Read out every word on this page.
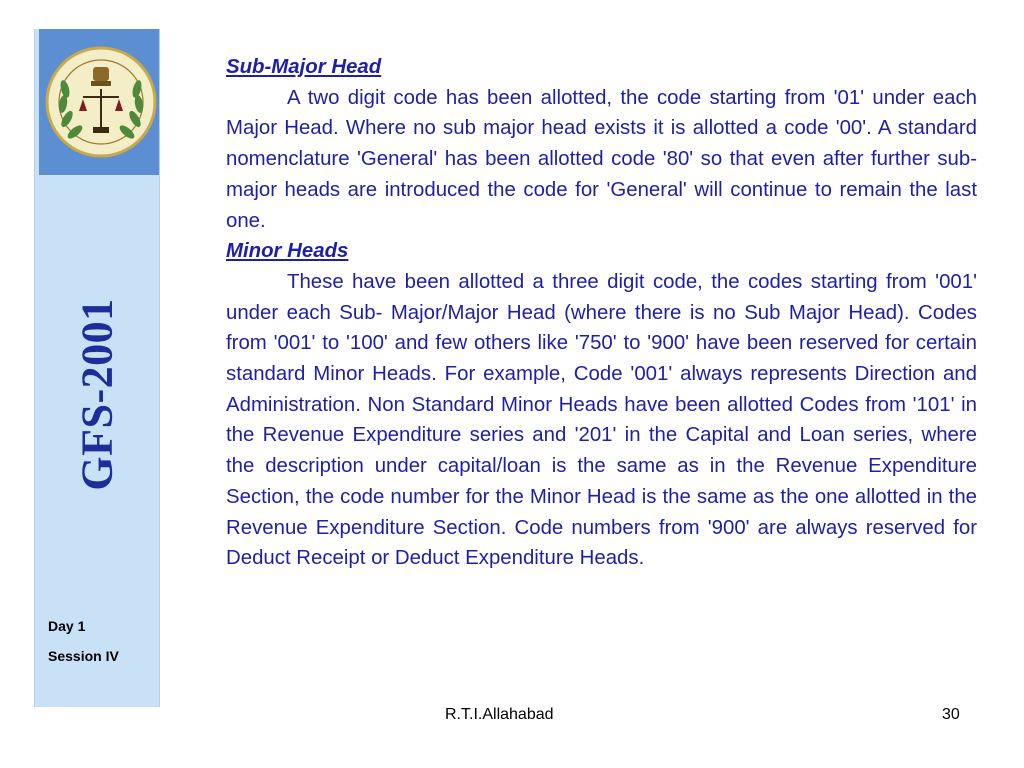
GFS-2001
Day 1
Session IV
Sub-Major Head

A two digit code has been allotted, the code starting from '01' under each Major Head. Where no sub major head exists it is allotted a code '00'. A standard nomenclature 'General' has been allotted code '80' so that even after further sub-major heads are introduced the code for 'General' will continue to remain the last one.

Minor Heads

These have been allotted a three digit code, the codes starting from '001' under each Sub- Major/Major Head (where there is no Sub Major Head). Codes from '001' to '100' and few others like '750' to '900' have been reserved for certain standard Minor Heads. For example, Code '001' always represents Direction and Administration. Non Standard Minor Heads have been allotted Codes from '101' in the Revenue Expenditure series and '201' in the Capital and Loan series, where the description under capital/loan is the same as in the Revenue Expenditure Section, the code number for the Minor Head is the same as the one allotted in the Revenue Expenditure Section. Code numbers from '900' are always reserved for Deduct Receipt or Deduct Expenditure Heads.

R.T.I.Allahabad	30
